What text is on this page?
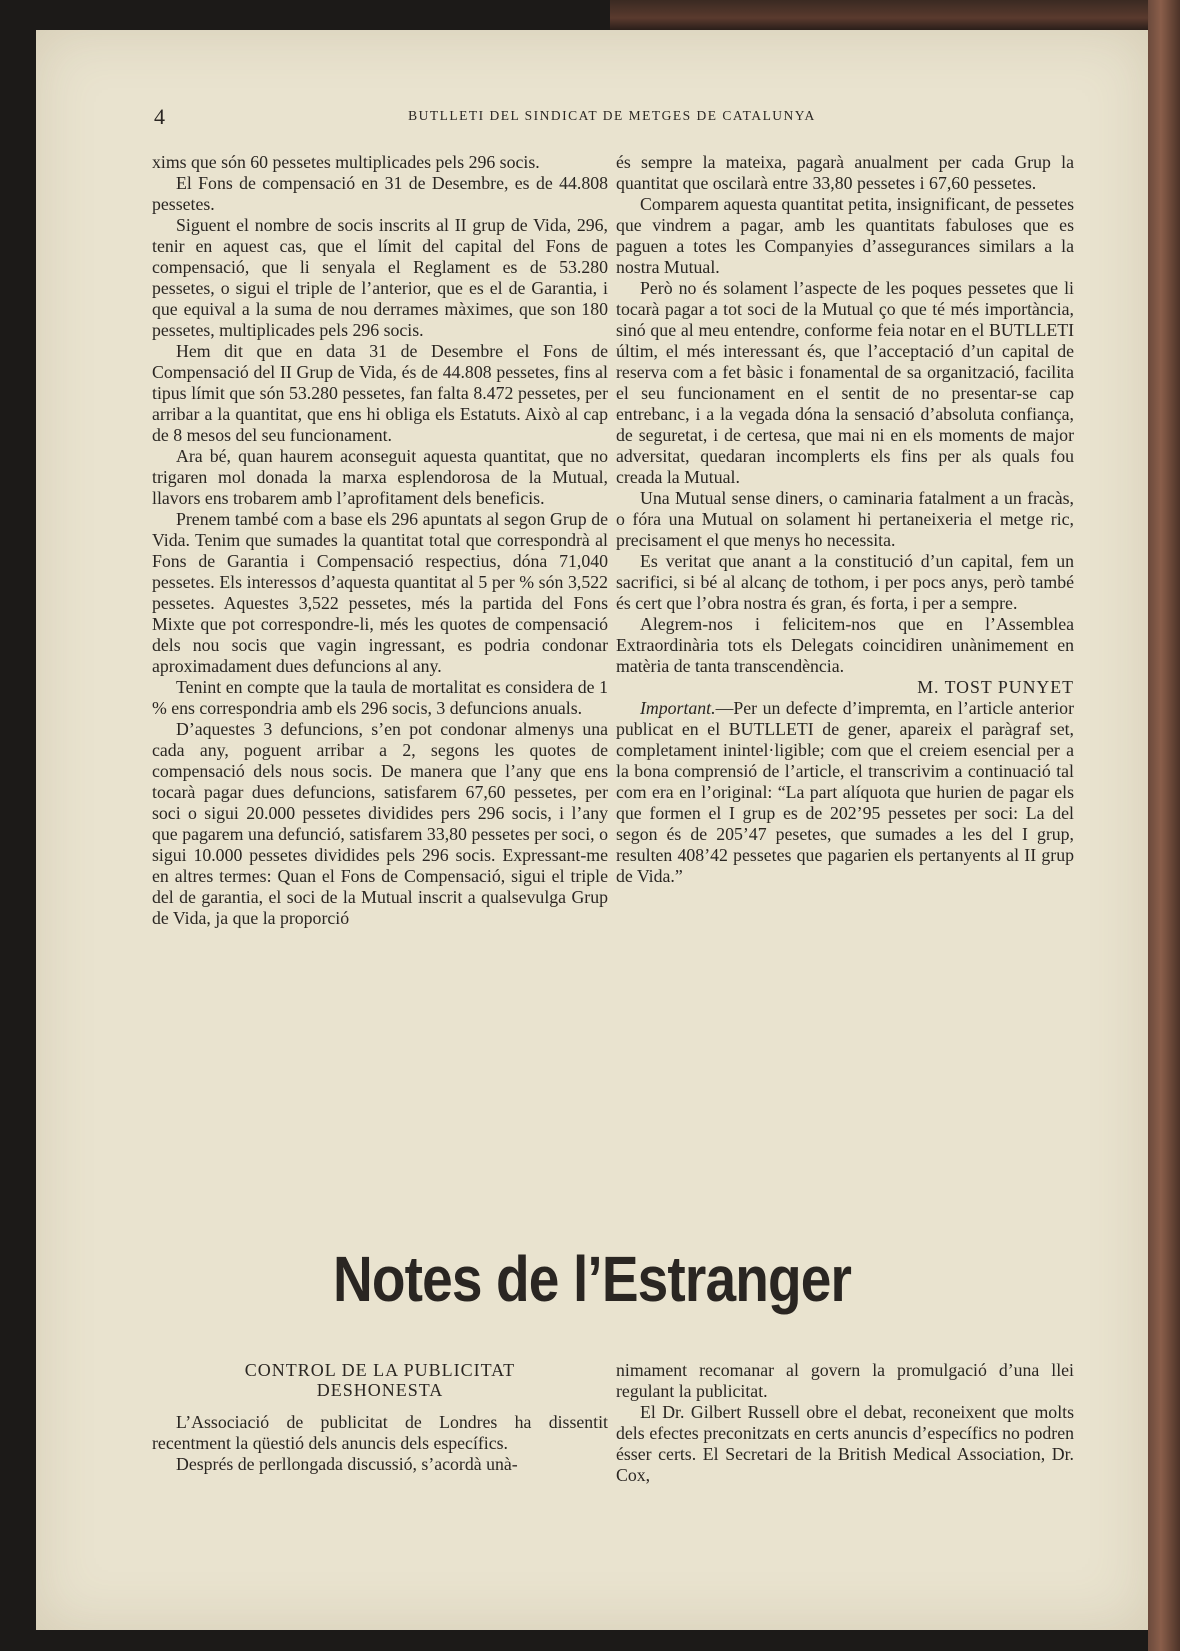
4	BUTLLETI DEL SINDICAT DE METGES DE CATALUNYA

xims que són 60 pessetes multiplicades pels 296 socis.

El Fons de compensació en 31 de Desembre, es de 44.808 pessetes.

Siguent el nombre de socis inscrits al II grup de Vida, 296, tenir en aquest cas, que el límit del capital del Fons de compensació, que li senyala el Reglament es de 53.280 pessetes, o sigui el triple de l’anterior, que es el de Garantia, i que equival a la suma de nou derrames màximes, que son 180 pessetes, multiplicades pels 296 socis.

Hem dit que en data 31 de Desembre el Fons de Compensació del II Grup de Vida, és de 44.808 pessetes, fins al tipus límit que són 53.280 pessetes, fan falta 8.472 pessetes, per arribar a la quantitat, que ens hi obliga els Estatuts. Això al cap de 8 mesos del seu funcionament.

Ara bé, quan haurem aconseguit aquesta quantitat, que no trigaren mol donada la marxa esplendorosa de la Mutual, llavors ens trobarem amb l’aprofitament dels beneficis.

Prenem també com a base els 296 apuntats al segon Grup de Vida. Tenim que sumades la quantitat total que correspondrà al Fons de Garantia i Compensació respectius, dóna 71,040 pessetes. Els interessos d’aquesta quantitat al 5 per % són 3,522 pessetes. Aquestes 3,522 pessetes, més la partida del Fons Mixte que pot correspondre-li, més les quotes de compensació dels nou socis que vagin ingressant, es podria condonar aproximadament dues defuncions al any.

Tenint en compte que la taula de mortalitat es considera de 1 % ens correspondria amb els 296 socis, 3 defuncions anuals.

D’aquestes 3 defuncions, s’en pot condonar almenys una cada any, poguent arribar a 2, segons les quotes de compensació dels nous socis. De manera que l’any que ens tocarà pagar dues defuncions, satisfarem 67,60 pessetes, per soci o sigui 20.000 pessetes dividides pers 296 socis, i l’any que pagarem una defunció, satisfarem 33,80 pessetes per soci, o sigui 10.000 pessetes dividides pels 296 socis. Expressant-me en altres termes: Quan el Fons de Compensació, sigui el triple del de garantia, el soci de la Mutual inscrit a qualsevulga Grup de Vida, ja que la proporció

és sempre la mateixa, pagarà anualment per cada Grup la quantitat que oscilarà entre 33,80 pessetes i 67,60 pessetes.

Comparem aquesta quantitat petita, insignificant, de pessetes que vindrem a pagar, amb les quantitats fabuloses que es paguen a totes les Companyies d’assegurances similars a la nostra Mutual.

Però no és solament l’aspecte de les poques pessetes que li tocarà pagar a tot soci de la Mutual ço que té més importància, sinó que al meu entendre, conforme feia notar en el BUTLLETI últim, el més interessant és, que l’acceptació d’un capital de reserva com a fet bàsic i fonamental de sa organització, facilita el seu funcionament en el sentit de no presentar-se cap entrebanc, i a la vegada dóna la sensació d’absoluta confiança, de seguretat, i de certesa, que mai ni en els moments de major adversitat, quedaran incomplerts els fins per als quals fou creada la Mutual.

Una Mutual sense diners, o caminaria fatalment a un fracàs, o fóra una Mutual on solament hi pertaneixeria el metge ric, precisament el que menys ho necessita.

Es veritat que anant a la constitució d’un capital, fem un sacrifici, si bé al alcanç de tothom, i per pocs anys, però també és cert que l’obra nostra és gran, és forta, i per a sempre.

Alegrem-nos i felicitem-nos que en l’Assemblea Extraordinària tots els Delegats coincidiren unànimement en matèria de tanta transcendència.

M. TOST PUNYET

Important.—Per un defecte d’impremta, en l’article anterior publicat en el BUTLLETI de gener, apareix el paràgraf set, completament inintel·ligible; com que el creiem esencial per a la bona comprensió de l’article, el transcrivim a continuació tal com era en l’original: “La part alíquota que hurien de pagar els que formen el I grup es de 202’95 pessetes per soci: La del segon és de 205’47 pesetes, que sumades a les del I grup, resulten 408’42 pessetes que pagarien els pertanyents al II grup de Vida.”

Notes de l’Estranger
CONTROL DE LA PUBLICITAT
DESHONESTA

L’Associació de publicitat de Londres ha dissentit recentment la qüestió dels anuncis dels específics.

Després de perllongada discussió, s’acordà unà-

nimament recomanar al govern la promulgació d’una llei regulant la publicitat.

El Dr. Gilbert Russell obre el debat, reconeixent que molts dels efectes preconitzats en certs anuncis d’específics no podren ésser certs. El Secretari de la British Medical Association, Dr. Cox,
